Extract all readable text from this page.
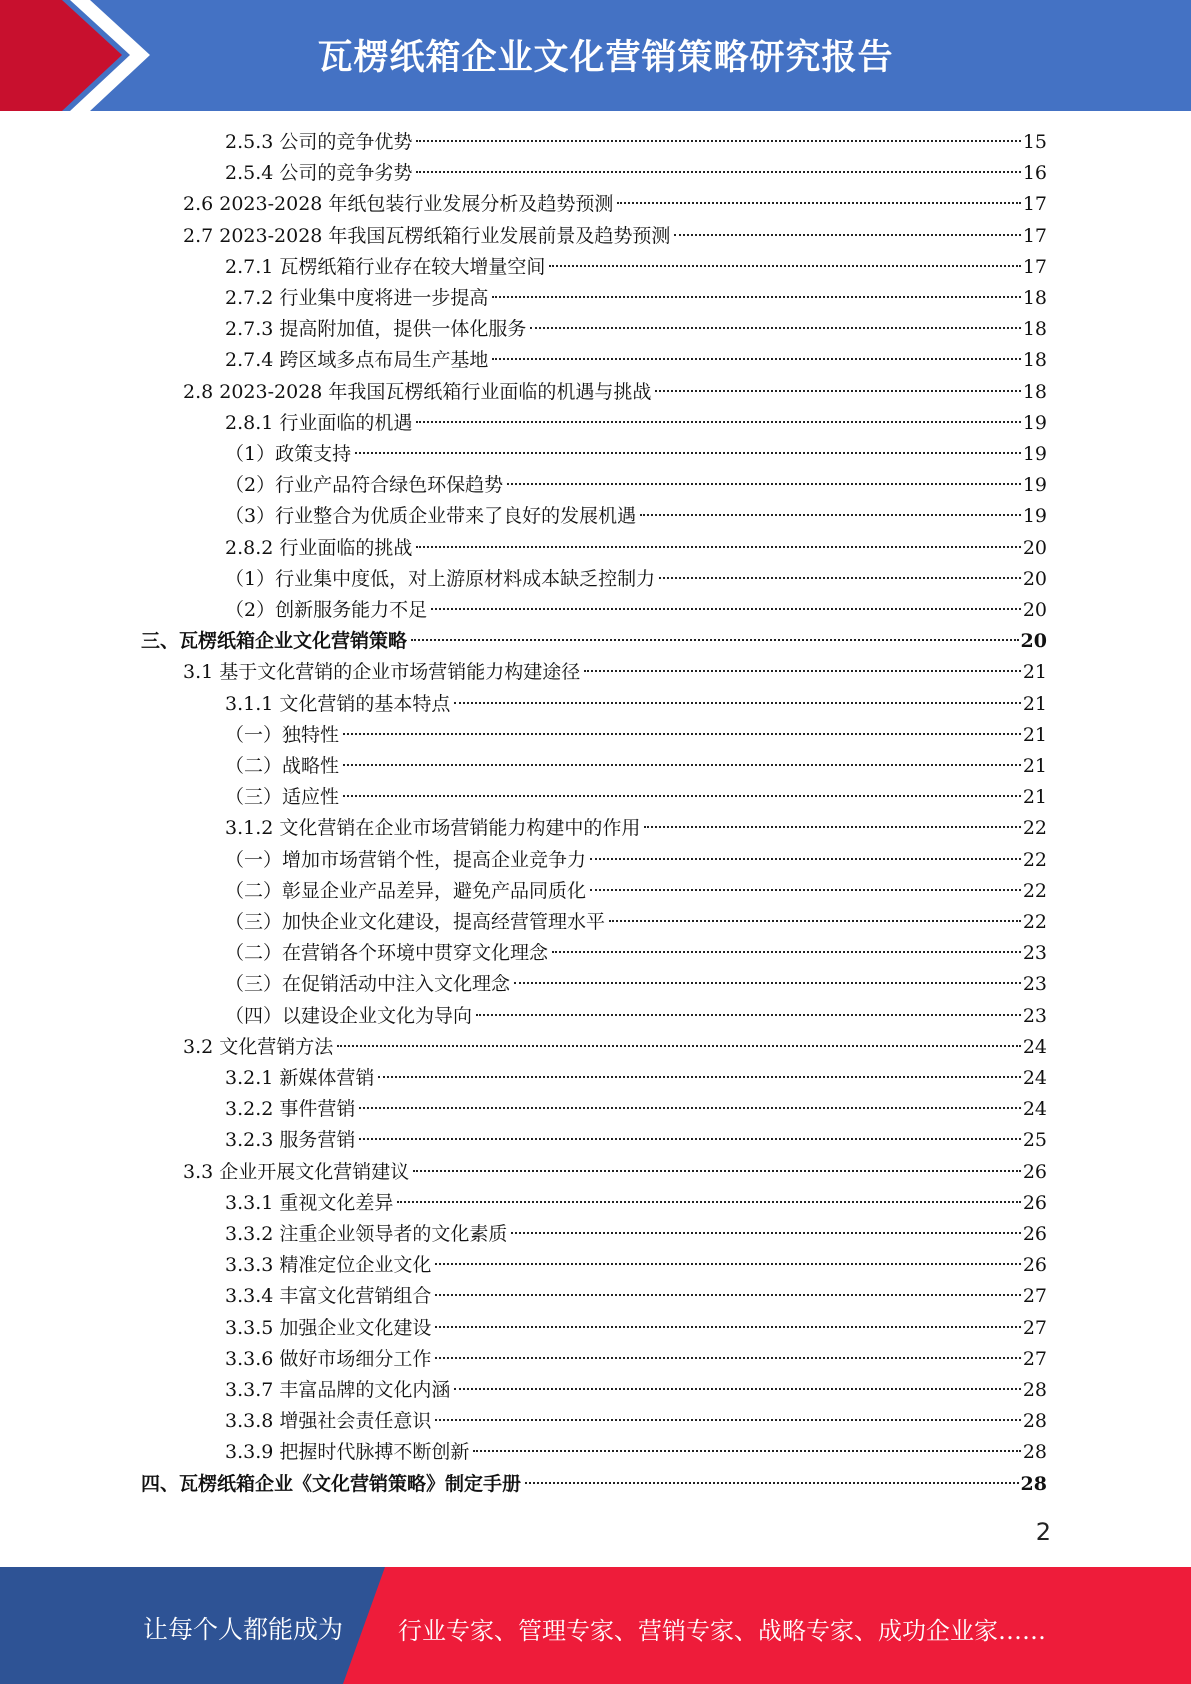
瓦楞纸箱企业文化营销策略研究报告
2.5.3 公司的竞争优势	15
2.5.4 公司的竞争劣势	16
2.6 2023-2028 年纸包装行业发展分析及趋势预测	17
2.7 2023-2028 年我国瓦楞纸箱行业发展前景及趋势预测	17
2.7.1 瓦楞纸箱行业存在较大增量空间	17
2.7.2 行业集中度将进一步提高	18
2.7.3 提高附加值，提供一体化服务	18
2.7.4 跨区域多点布局生产基地	18
2.8 2023-2028 年我国瓦楞纸箱行业面临的机遇与挑战	18
2.8.1 行业面临的机遇	19
（1）政策支持	19
（2）行业产品符合绿色环保趋势	19
（3）行业整合为优质企业带来了良好的发展机遇	19
2.8.2 行业面临的挑战	20
（1）行业集中度低，对上游原材料成本缺乏控制力	20
（2）创新服务能力不足	20
三、瓦楞纸箱企业文化营销策略	20
3.1 基于文化营销的企业市场营销能力构建途径	21
3.1.1 文化营销的基本特点	21
（一）独特性	21
（二）战略性	21
（三）适应性	21
3.1.2 文化营销在企业市场营销能力构建中的作用	22
（一）增加市场营销个性，提高企业竞争力	22
（二）彰显企业产品差异，避免产品同质化	22
（三）加快企业文化建设，提高经营管理水平	22
（二）在营销各个环境中贯穿文化理念	23
（三）在促销活动中注入文化理念	23
（四）以建设企业文化为导向	23
3.2 文化营销方法	24
3.2.1 新媒体营销	24
3.2.2 事件营销	24
3.2.3 服务营销	25
3.3 企业开展文化营销建议	26
3.3.1 重视文化差异	26
3.3.2 注重企业领导者的文化素质	26
3.3.3 精准定位企业文化	26
3.3.4 丰富文化营销组合	27
3.3.5 加强企业文化建设	27
3.3.6 做好市场细分工作	27
3.3.7 丰富品牌的文化内涵	28
3.3.8 增强社会责任意识	28
3.3.9 把握时代脉搏不断创新	28
四、瓦楞纸箱企业《文化营销策略》制定手册	28
2
让每个人都能成为 行业专家、管理专家、营销专家、战略专家、成功企业家……
